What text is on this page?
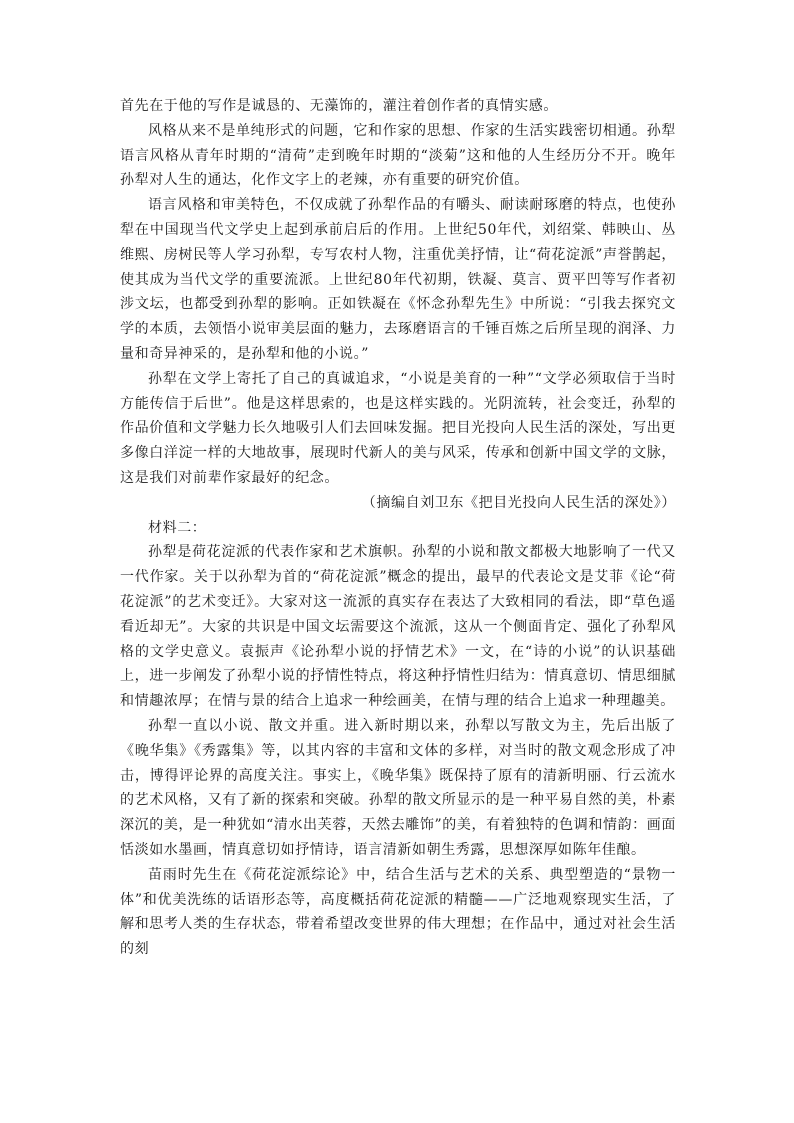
首先在于他的写作是诚恳的、无藻饰的，灌注着创作者的真情实感。

风格从来不是单纯形式的问题，它和作家的思想、作家的生活实践密切相通。孙犁语言风格从青年时期的“清荷”走到晚年时期的“淡菊”这和他的人生经历分不开。晚年孙犁对人生的通达，化作文字上的老辣，亦有重要的研究价值。

语言风格和审美特色，不仅成就了孙犁作品的有嚼头、耐读耐琢磨的特点，也使孙犁在中国现当代文学史上起到承前启后的作用。上世纪50年代，刘绍棠、韩映山、丛维熙、房树民等人学习孙犁，专写农村人物，注重优美抒情，让“荷花淀派”声誉鹊起，使其成为当代文学的重要流派。上世纪80年代初期，铁凝、莫言、贾平凹等写作者初涉文坛，也都受到孙犁的影响。正如铁凝在《怀念孙犁先生》中所说：“引我去探究文学的本质，去领悟小说审美层面的魅力，去琢磨语言的千锤百炼之后所呈现的润泽、力量和奇异神采的，是孙犁和他的小说。”

孙犁在文学上寄托了自己的真诚追求，“小说是美育的一种”“文学必须取信于当时方能传信于后世”。他是这样思索的，也是这样实践的。光阴流转，社会变迁，孙犁的作品价值和文学魅力长久地吸引人们去回味发掘。把目光投向人民生活的深处，写出更多像白洋淀一样的大地故事，展现时代新人的美与风采，传承和创新中国文学的文脉，这是我们对前辈作家最好的纪念。

（摘编自刘卫东《把目光投向人民生活的深处》）

材料二：

孙犁是荷花淀派的代表作家和艺术旗帜。孙犁的小说和散文都极大地影响了一代又一代作家。关于以孙犁为首的“荷花淀派”概念的提出，最早的代表论文是艾菲《论“荷花淀派”的艺术变迁》。大家对这一流派的真实存在表达了大致相同的看法，即“草色遥看近却无”。大家的共识是中国文坛需要这个流派，这从一个侧面肯定、强化了孙犁风格的文学史意义。袁振声《论孙犁小说的抒情艺术》一文，在“诗的小说”的认识基础上，进一步阐发了孙犁小说的抒情性特点，将这种抒情性归结为：情真意切、情思细腻和情趣浓厚；在情与景的结合上追求一种绘画美，在情与理的结合上追求一种理趣美。

孙犁一直以小说、散文并重。进入新时期以来，孙犁以写散文为主，先后出版了《晚华集》《秀露集》等，以其内容的丰富和文体的多样，对当时的散文观念形成了冲击，博得评论界的高度关注。事实上，《晚华集》既保持了原有的清新明丽、行云流水的艺术风格，又有了新的探索和突破。孙犁的散文所显示的是一种平易自然的美，朴素深沉的美，是一种犹如“清水出芙蓉，天然去雕饰”的美，有着独特的色调和情韵：画面恬淡如水墨画，情真意切如抒情诗，语言清新如朝生秀露，思想深厚如陈年佳酿。

苗雨时先生在《荷花淀派综论》中，结合生活与艺术的关系、典型塑造的“景物一体”和优美洗练的话语形态等，高度概括荷花淀派的精髓——广泛地观察现实生活，了解和思考人类的生存状态，带着希望改变世界的伟大理想；在作品中，通过对社会生活的刻
